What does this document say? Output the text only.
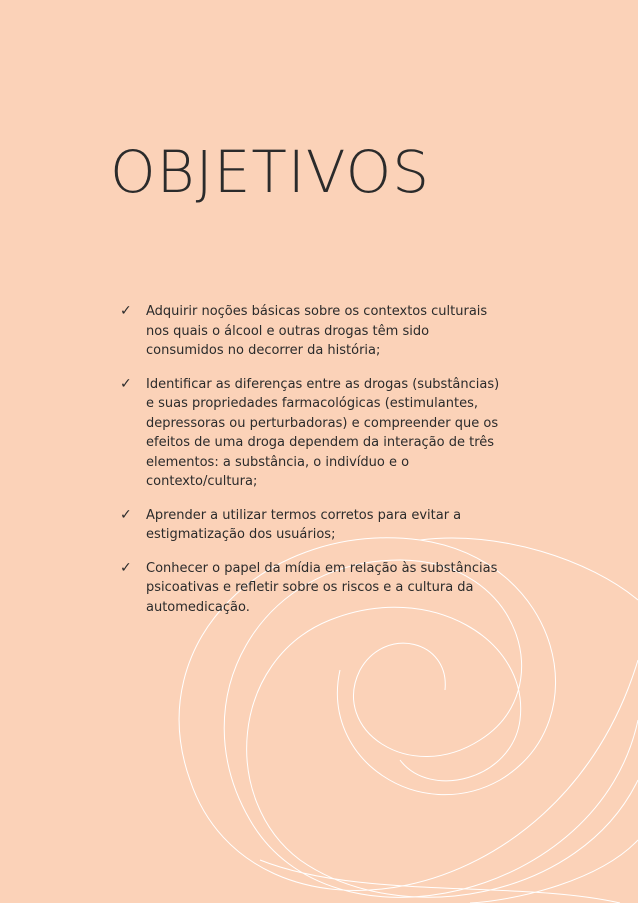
OBJETIVOS
✓ Adquirir noções básicas sobre os contextos culturais nos quais o álcool e outras drogas têm sido consumidos no decorrer da história;
✓ Identificar as diferenças entre as drogas (substâncias) e suas propriedades farmacológicas (estimulantes, depressoras ou perturbadoras) e compreender que os efeitos de uma droga dependem da interação de três elementos: a substância, o indivíduo e o contexto/cultura;
✓ Aprender a utilizar termos corretos para evitar a estigmatização dos usuários;
✓ Conhecer o papel da mídia em relação às substâncias psicoativas e refletir sobre os riscos e a cultura da automedicação.
